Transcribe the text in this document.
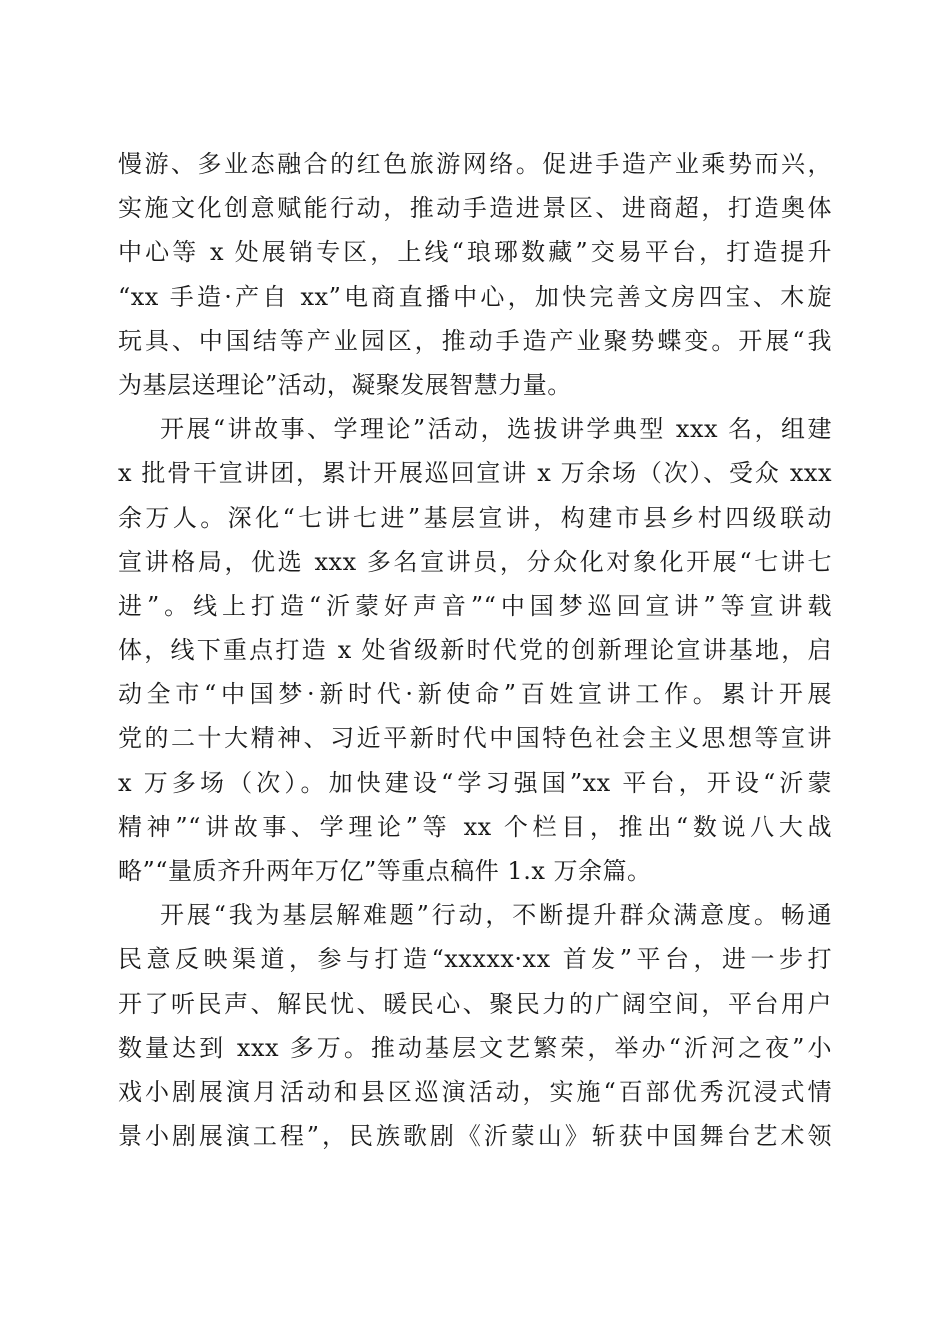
慢游、多业态融合的红色旅游网络。促进手造产业乘势而兴，
实施文化创意赋能行动，推动手造进景区、进商超，打造奥体
中心等 x 处展销专区，上线“琅琊数藏”交易平台，打造提升
“xx 手造·产自 xx”电商直播中心，加快完善文房四宝、木旋
玩具、中国结等产业园区，推动手造产业聚势蝶变。开展“我
为基层送理论”活动，凝聚发展智慧力量。
开展“讲故事、学理论”活动，选拔讲学典型 xxx 名，组建
x 批骨干宣讲团，累计开展巡回宣讲 x 万余场（次）、受众 xxx
余万人。深化“七讲七进”基层宣讲，构建市县乡村四级联动
宣讲格局，优选 xxx 多名宣讲员，分众化对象化开展“七讲七
进”。线上打造“沂蒙好声音”“中国梦巡回宣讲”等宣讲载
体，线下重点打造 x 处省级新时代党的创新理论宣讲基地，启
动全市“中国梦·新时代·新使命”百姓宣讲工作。累计开展
党的二十大精神、习近平新时代中国特色社会主义思想等宣讲
x 万多场（次）。加快建设“学习强国”xx 平台，开设“沂蒙
精神”“讲故事、学理论”等 xx 个栏目，推出“数说八大战
略”“量质齐升两年万亿”等重点稿件 1.x 万余篇。
开展“我为基层解难题”行动，不断提升群众满意度。畅通
民意反映渠道，参与打造“xxxxx·xx 首发”平台，进一步打
开了听民声、解民忧、暖民心、聚民力的广阔空间，平台用户
数量达到 xxx 多万。推动基层文艺繁荣，举办“沂河之夜”小
戏小剧展演月活动和县区巡演活动，实施“百部优秀沉浸式情
景小剧展演工程”，民族歌剧《沂蒙山》斩获中国舞台艺术领
